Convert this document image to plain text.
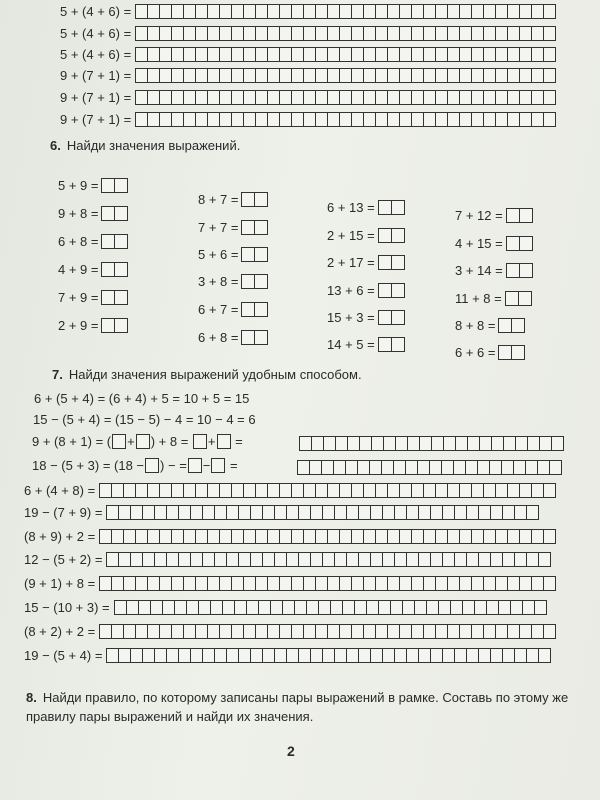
5 + (4 + 6) =
5 + (4 + 6) =
5 + (4 + 6) =
9 + (7 + 1) =
9 + (7 + 1) =
9 + (7 + 1) =
6. Найди значения выражений.
5 + 9 =
9 + 8 =
6 + 8 =
4 + 9 =
7 + 9 =
2 + 9 =
8 + 7 =
7 + 7 =
5 + 6 =
3 + 8 =
6 + 7 =
6 + 8 =
6 + 13 =
2 + 15 =
2 + 17 =
13 + 6 =
15 + 3 =
14 + 5 =
7 + 12 =
4 + 15 =
3 + 14 =
11 + 8 =
8 + 8 =
6 + 6 =
7. Найди значения выражений удобным способом.
6 + (5 + 4) = (6 + 4) + 5 = 10 + 5 = 15
15 − (5 + 4) = (15 − 5) − 4 = 10 − 4 = 6
9 + (8 + 1) = ( + ) + 8 =
+
=
18 − (5 + 3) = (18 − ) −
= −
=
6 + (4 + 8) =
19 − (7 + 9) =
(8 + 9) + 2 =
12 − (5 + 2) =
(9 + 1) + 8 =
15 − (10 + 3) =
(8 + 2) + 2 =
19 − (5 + 4) =
8. Найди правило, по которому записаны пары выражений в рамке. Составь по этому же правилу пары выражений и найди их значения.
2
